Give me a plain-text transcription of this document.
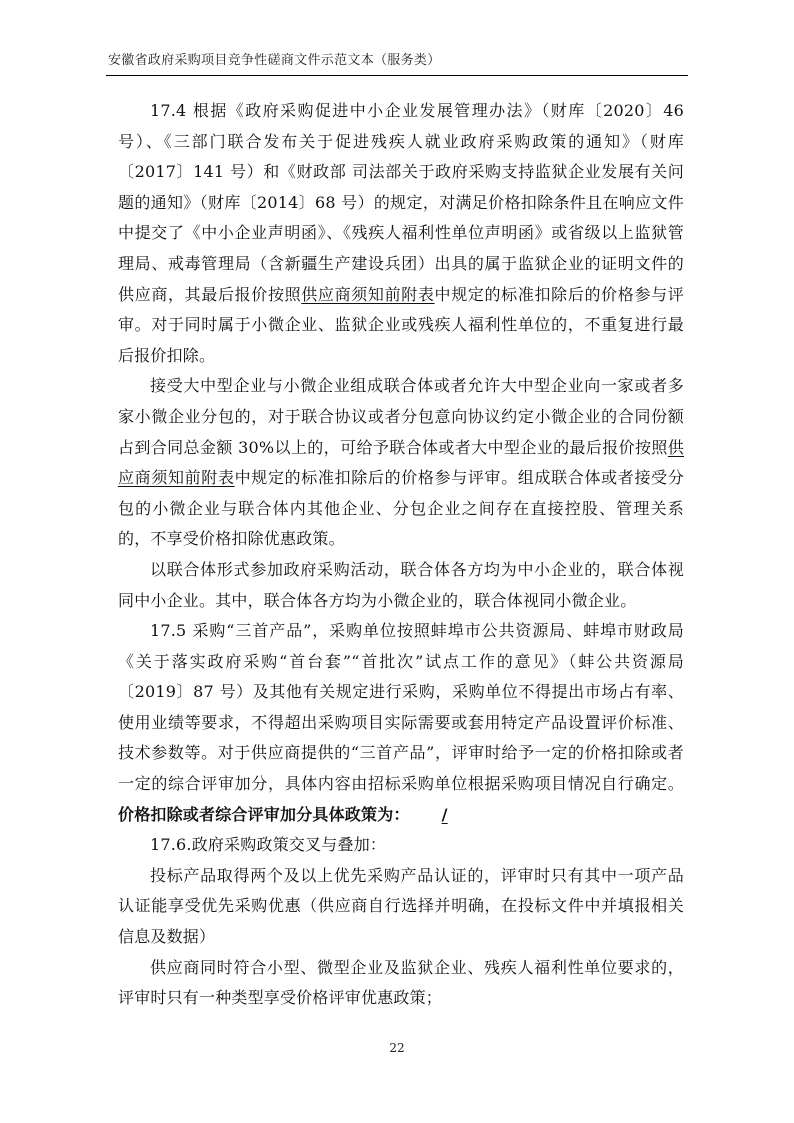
安徽省政府采购项目竞争性磋商文件示范文本（服务类）

17.4 根据《政府采购促进中小企业发展管理办法》（财库〔2020〕46 号）、《三部门联合发布关于促进残疾人就业政府采购政策的通知》（财库〔2017〕141 号）和《财政部 司法部关于政府采购支持监狱企业发展有关问题的通知》（财库〔2014〕68 号）的规定，对满足价格扣除条件且在响应文件中提交了《中小企业声明函》、《残疾人福利性单位声明函》或省级以上监狱管理局、戒毒管理局（含新疆生产建设兵团）出具的属于监狱企业的证明文件的供应商，其最后报价按照供应商须知前附表中规定的标准扣除后的价格参与评审。对于同时属于小微企业、监狱企业或残疾人福利性单位的，不重复进行最后报价扣除。

接受大中型企业与小微企业组成联合体或者允许大中型企业向一家或者多家小微企业分包的，对于联合协议或者分包意向协议约定小微企业的合同份额占到合同总金额 30%以上的，可给予联合体或者大中型企业的最后报价按照供应商须知前附表中规定的标准扣除后的价格参与评审。组成联合体或者接受分包的小微企业与联合体内其他企业、分包企业之间存在直接控股、管理关系的，不享受价格扣除优惠政策。

以联合体形式参加政府采购活动，联合体各方均为中小企业的，联合体视同中小企业。其中，联合体各方均为小微企业的，联合体视同小微企业。

17.5 采购“三首产品”，采购单位按照蚌埠市公共资源局、蚌埠市财政局《关于落实政府采购“首台套”“首批次”试点工作的意见》（蚌公共资源局〔2019〕87 号）及其他有关规定进行采购，采购单位不得提出市场占有率、使用业绩等要求，不得超出采购项目实际需要或套用特定产品设置评价标准、技术参数等。对于供应商提供的“三首产品”，评审时给予一定的价格扣除或者一定的综合评审加分，具体内容由招标采购单位根据采购项目情况自行确定。价格扣除或者综合评审加分具体政策为： /

17.6.政府采购政策交叉与叠加：

投标产品取得两个及以上优先采购产品认证的，评审时只有其中一项产品认证能享受优先采购优惠（供应商自行选择并明确，在投标文件中并填报相关信息及数据）

供应商同时符合小型、微型企业及监狱企业、残疾人福利性单位要求的，评审时只有一种类型享受价格评审优惠政策；

22
